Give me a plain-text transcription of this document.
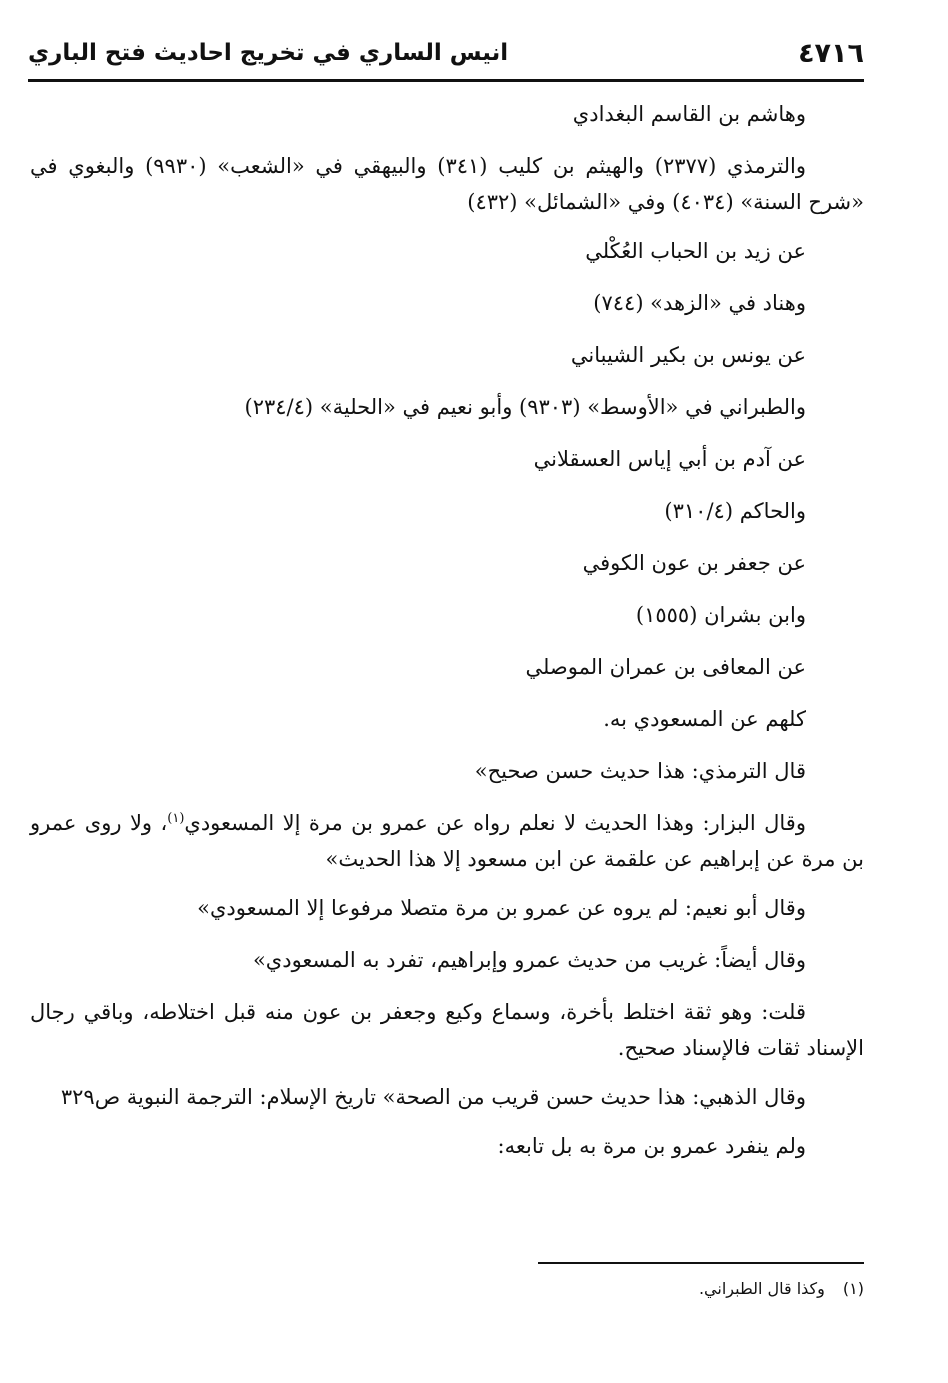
انيس الساري في تخريج احاديث فتح الباري	٤٧١٦

وهاشم بن القاسم البغدادي

والترمذي (٢٣٧٧) والهيثم بن كليب (٣٤١) والبيهقي في «الشعب» (٩٩٣٠) والبغوي في «شرح السنة» (٤٠٣٤) وفي «الشمائل» (٤٣٢)

عن زيد بن الحباب العُكْلي

وهناد في «الزهد» (٧٤٤)

عن يونس بن بكير الشيباني

والطبراني في «الأوسط» (٩٣٠٣) وأبو نعيم في «الحلية» (٢٣٤/٤)

عن آدم بن أبي إياس العسقلاني

والحاكم (٣١٠/٤)

عن جعفر بن عون الكوفي

وابن بشران (١٥٥٥)

عن المعافى بن عمران الموصلي

كلهم عن المسعودي به.

قال الترمذي: هذا حديث حسن صحيح»

وقال البزار: وهذا الحديث لا نعلم رواه عن عمرو بن مرة إلا المسعودي$^{(١)}$، ولا روى عمرو بن مرة عن إبراهيم عن علقمة عن ابن مسعود إلا هذا الحديث»

وقال أبو نعيم: لم يروه عن عمرو بن مرة متصلا مرفوعا إلا المسعودي»

وقال أيضاً: غريب من حديث عمرو وإبراهيم، تفرد به المسعودي»

قلت: وهو ثقة اختلط بأخرة، وسماع وكيع وجعفر بن عون منه قبل اختلاطه، وباقي رجال الإسناد ثقات فالإسناد صحيح.

وقال الذهبي: هذا حديث حسن قريب من الصحة» تاريخ الإسلام: الترجمة النبوية ص٣٢٩

ولم ينفرد عمرو بن مرة به بل تابعه:

(١)وكذا قال الطبراني.
